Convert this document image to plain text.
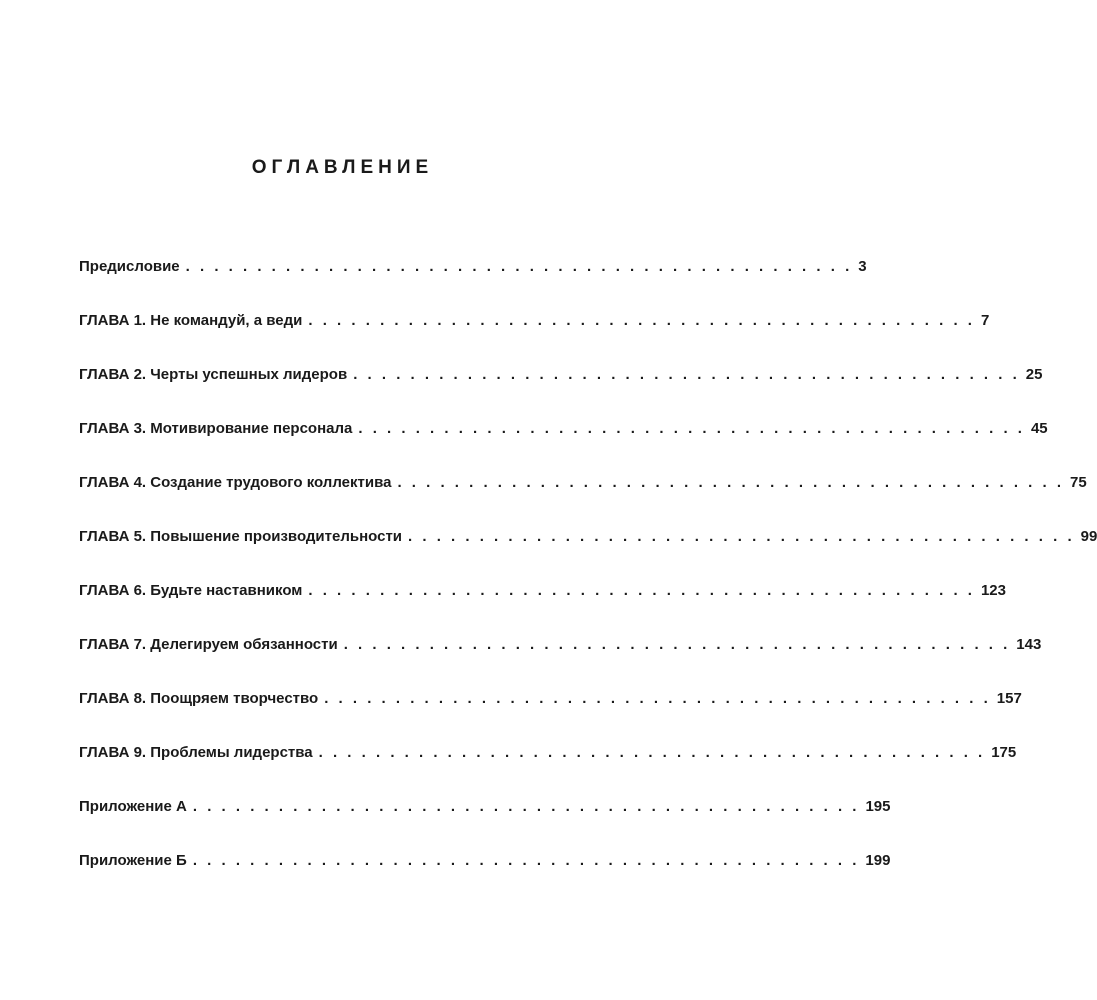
ОГЛАВЛЕНИЕ
Предисловие . . . . . . . . . . . . . . . . . . . . . . . . . . . . . . . . . . . . . . . . . . . . . . . 3
ГЛАВА 1. Не командуй, а веди . . . . . . . . . . . . . . . . . . . . . . . . . . . . . . . . . . . . . . . . . . . . . . . 7
ГЛАВА 2. Черты успешных лидеров . . . . . . . . . . . . . . . . . . . . . . . . . . . . . . . . . . . . . . . . . . . . . . . 25
ГЛАВА 3. Мотивирование персонала . . . . . . . . . . . . . . . . . . . . . . . . . . . . . . . . . . . . . . . . . . . . . . . 45
ГЛАВА 4. Создание трудового коллектива . . . . . . . . . . . . . . . . . . . . . . . . . . . . . . . . . . . . . . . . . . . . . . . 75
ГЛАВА 5. Повышение производительности . . . . . . . . . . . . . . . . . . . . . . . . . . . . . . . . . . . . . . . . . . . . . . . 99
ГЛАВА 6. Будьте наставником . . . . . . . . . . . . . . . . . . . . . . . . . . . . . . . . . . . . . . . . . . . . . . . 123
ГЛАВА 7. Делегируем обязанности . . . . . . . . . . . . . . . . . . . . . . . . . . . . . . . . . . . . . . . . . . . . . . . 143
ГЛАВА 8. Поощряем творчество . . . . . . . . . . . . . . . . . . . . . . . . . . . . . . . . . . . . . . . . . . . . . . . 157
ГЛАВА 9. Проблемы лидерства . . . . . . . . . . . . . . . . . . . . . . . . . . . . . . . . . . . . . . . . . . . . . . . 175
Приложение А . . . . . . . . . . . . . . . . . . . . . . . . . . . . . . . . . . . . . . . . . . . . . . . 195
Приложение Б . . . . . . . . . . . . . . . . . . . . . . . . . . . . . . . . . . . . . . . . . . . . . . . 199
